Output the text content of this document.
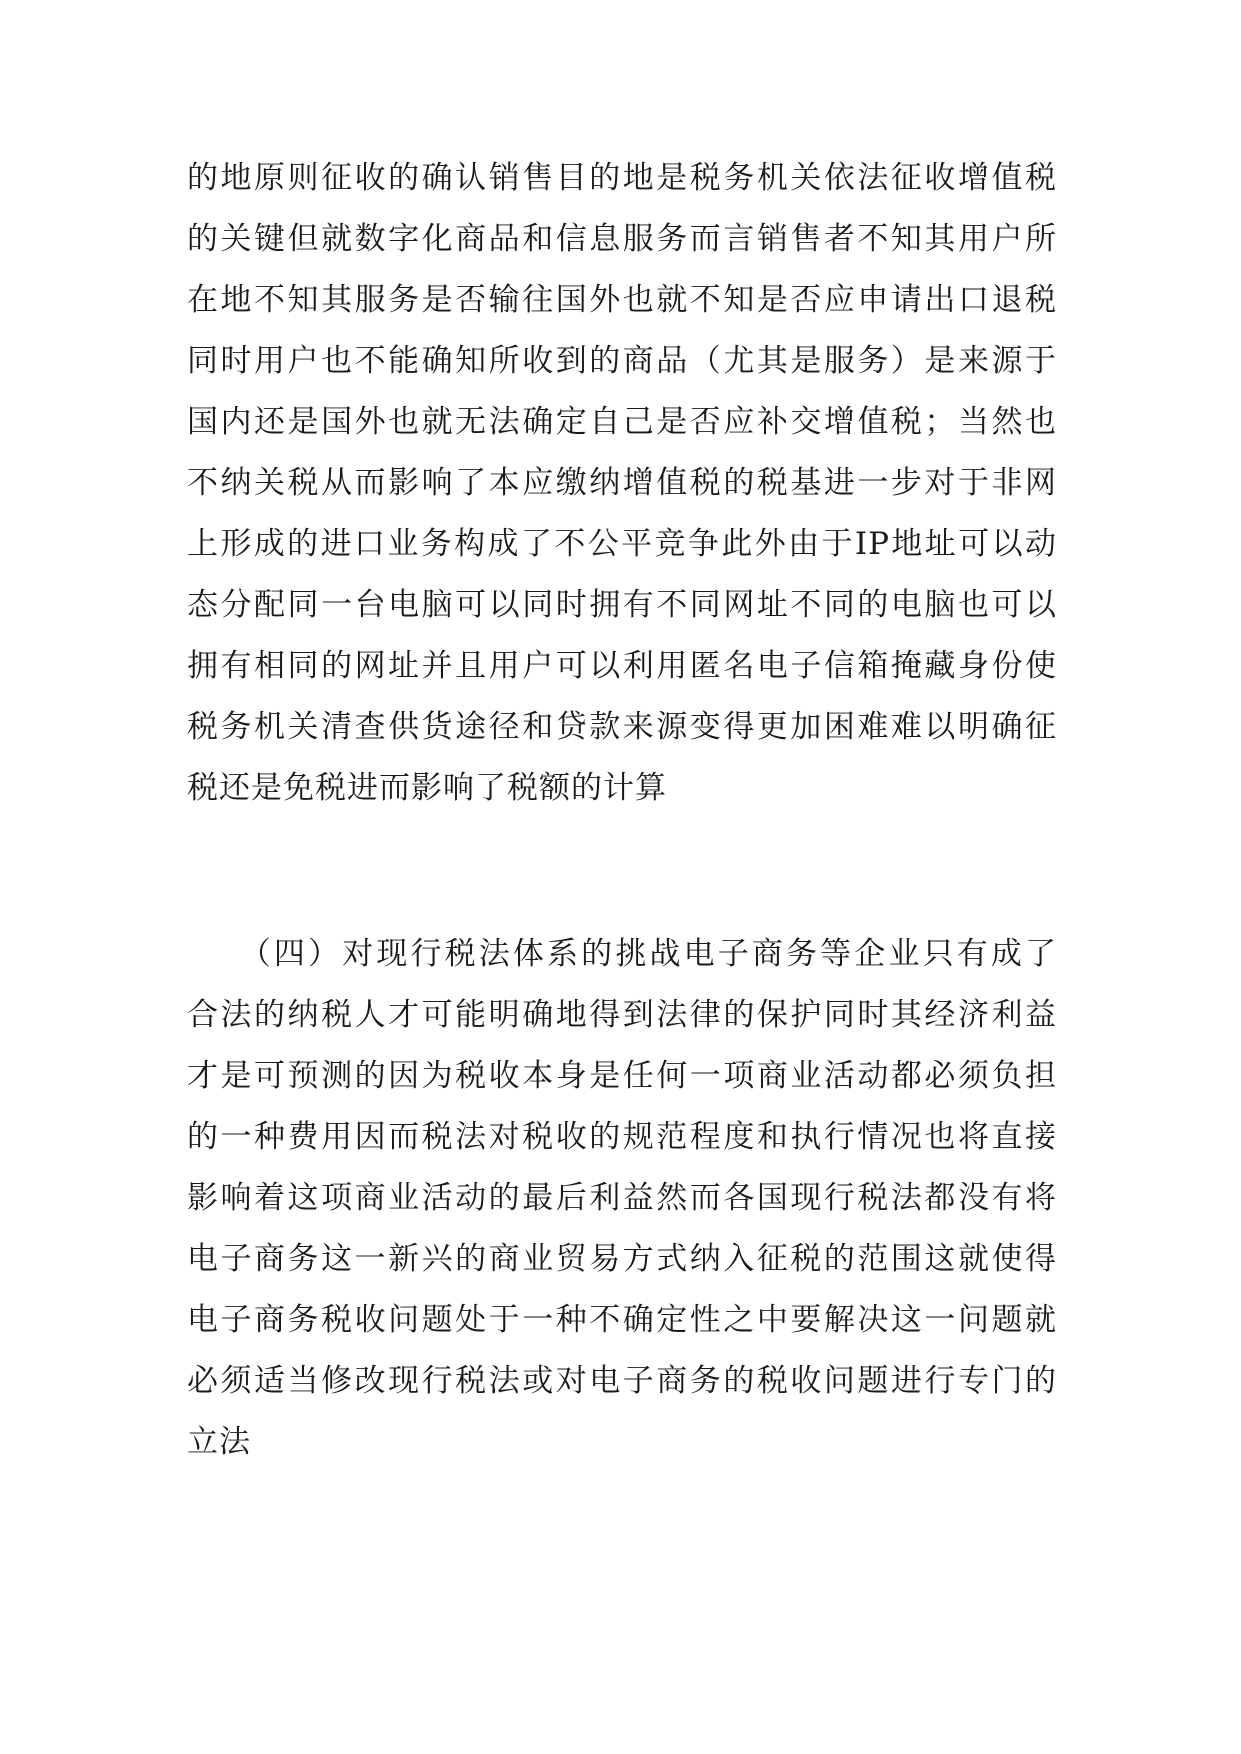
的地原则征收的确认销售目的地是税务机关依法征收增值税
的关键但就数字化商品和信息服务而言销售者不知其用户所
在地不知其服务是否输往国外也就不知是否应申请出口退税
同时用户也不能确知所收到的商品（尤其是服务）是来源于
国内还是国外也就无法确定自己是否应补交增值税；当然也
不纳关税从而影响了本应缴纳增值税的税基进一步对于非网
上形成的进口业务构成了不公平竞争此外由于IP地址可以动
态分配同一台电脑可以同时拥有不同网址不同的电脑也可以
拥有相同的网址并且用户可以利用匿名电子信箱掩藏身份使
税务机关清查供货途径和贷款来源变得更加困难难以明确征
税还是免税进而影响了税额的计算
　　（四）对现行税法体系的挑战电子商务等企业只有成了
合法的纳税人才可能明确地得到法律的保护同时其经济利益
才是可预测的因为税收本身是任何一项商业活动都必须负担
的一种费用因而税法对税收的规范程度和执行情况也将直接
影响着这项商业活动的最后利益然而各国现行税法都没有将
电子商务这一新兴的商业贸易方式纳入征税的范围这就使得
电子商务税收问题处于一种不确定性之中要解决这一问题就
必须适当修改现行税法或对电子商务的税收问题进行专门的
立法
